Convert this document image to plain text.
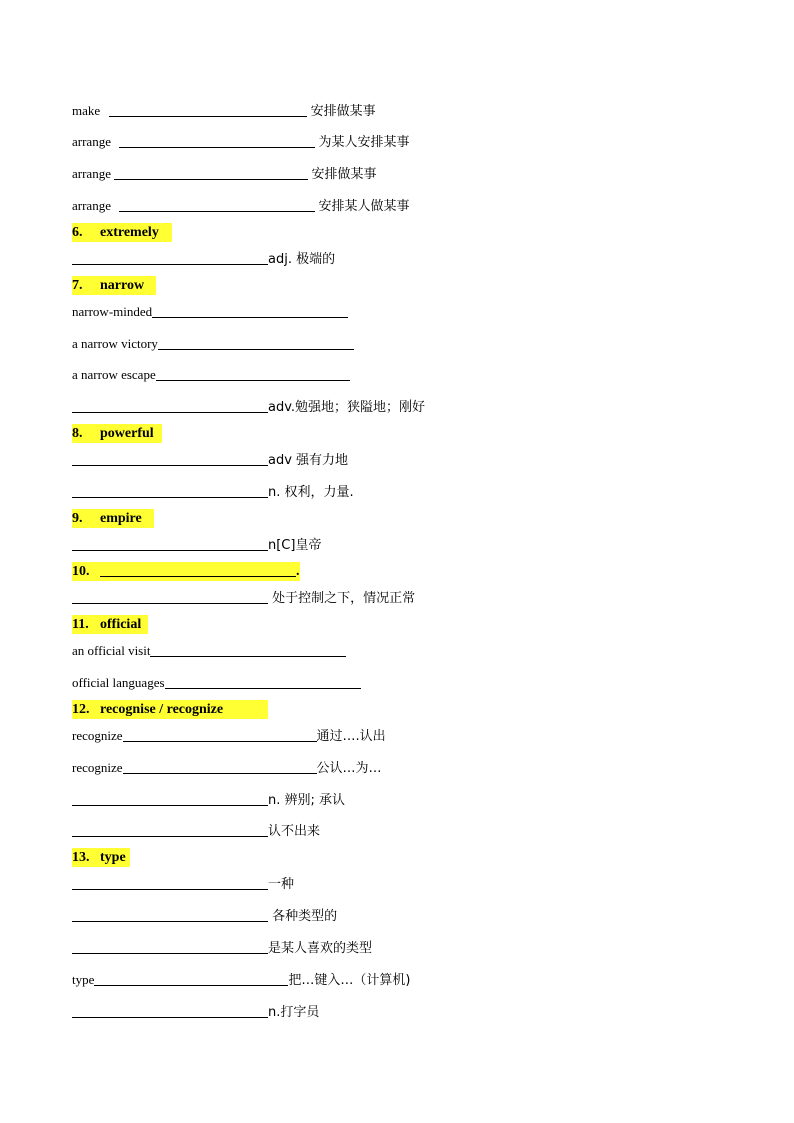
make	安排做某事
arrange	为某人安排某事
arrange	安排做某事
arrange	安排某人做某事
6. extremely
adj. 极端的
7. narrow
narrow-minded
a narrow victory
a narrow escape
adv.勉强地；狭隘地；刚好
8. powerful
adv 强有力地
n. 权利，力量.
9. empire
n[C]皇帝
10.	.
处于控制之下，情况正常
11. official
an official visit
official languages
12. recognise / recognize
recognize	通过….认出
recognize	公认…为…
n. 辨别; 承认
认不出来
13. type
一种
各种类型的
是某人喜欢的类型
type	把…键入…（计算机)
n.打字员
